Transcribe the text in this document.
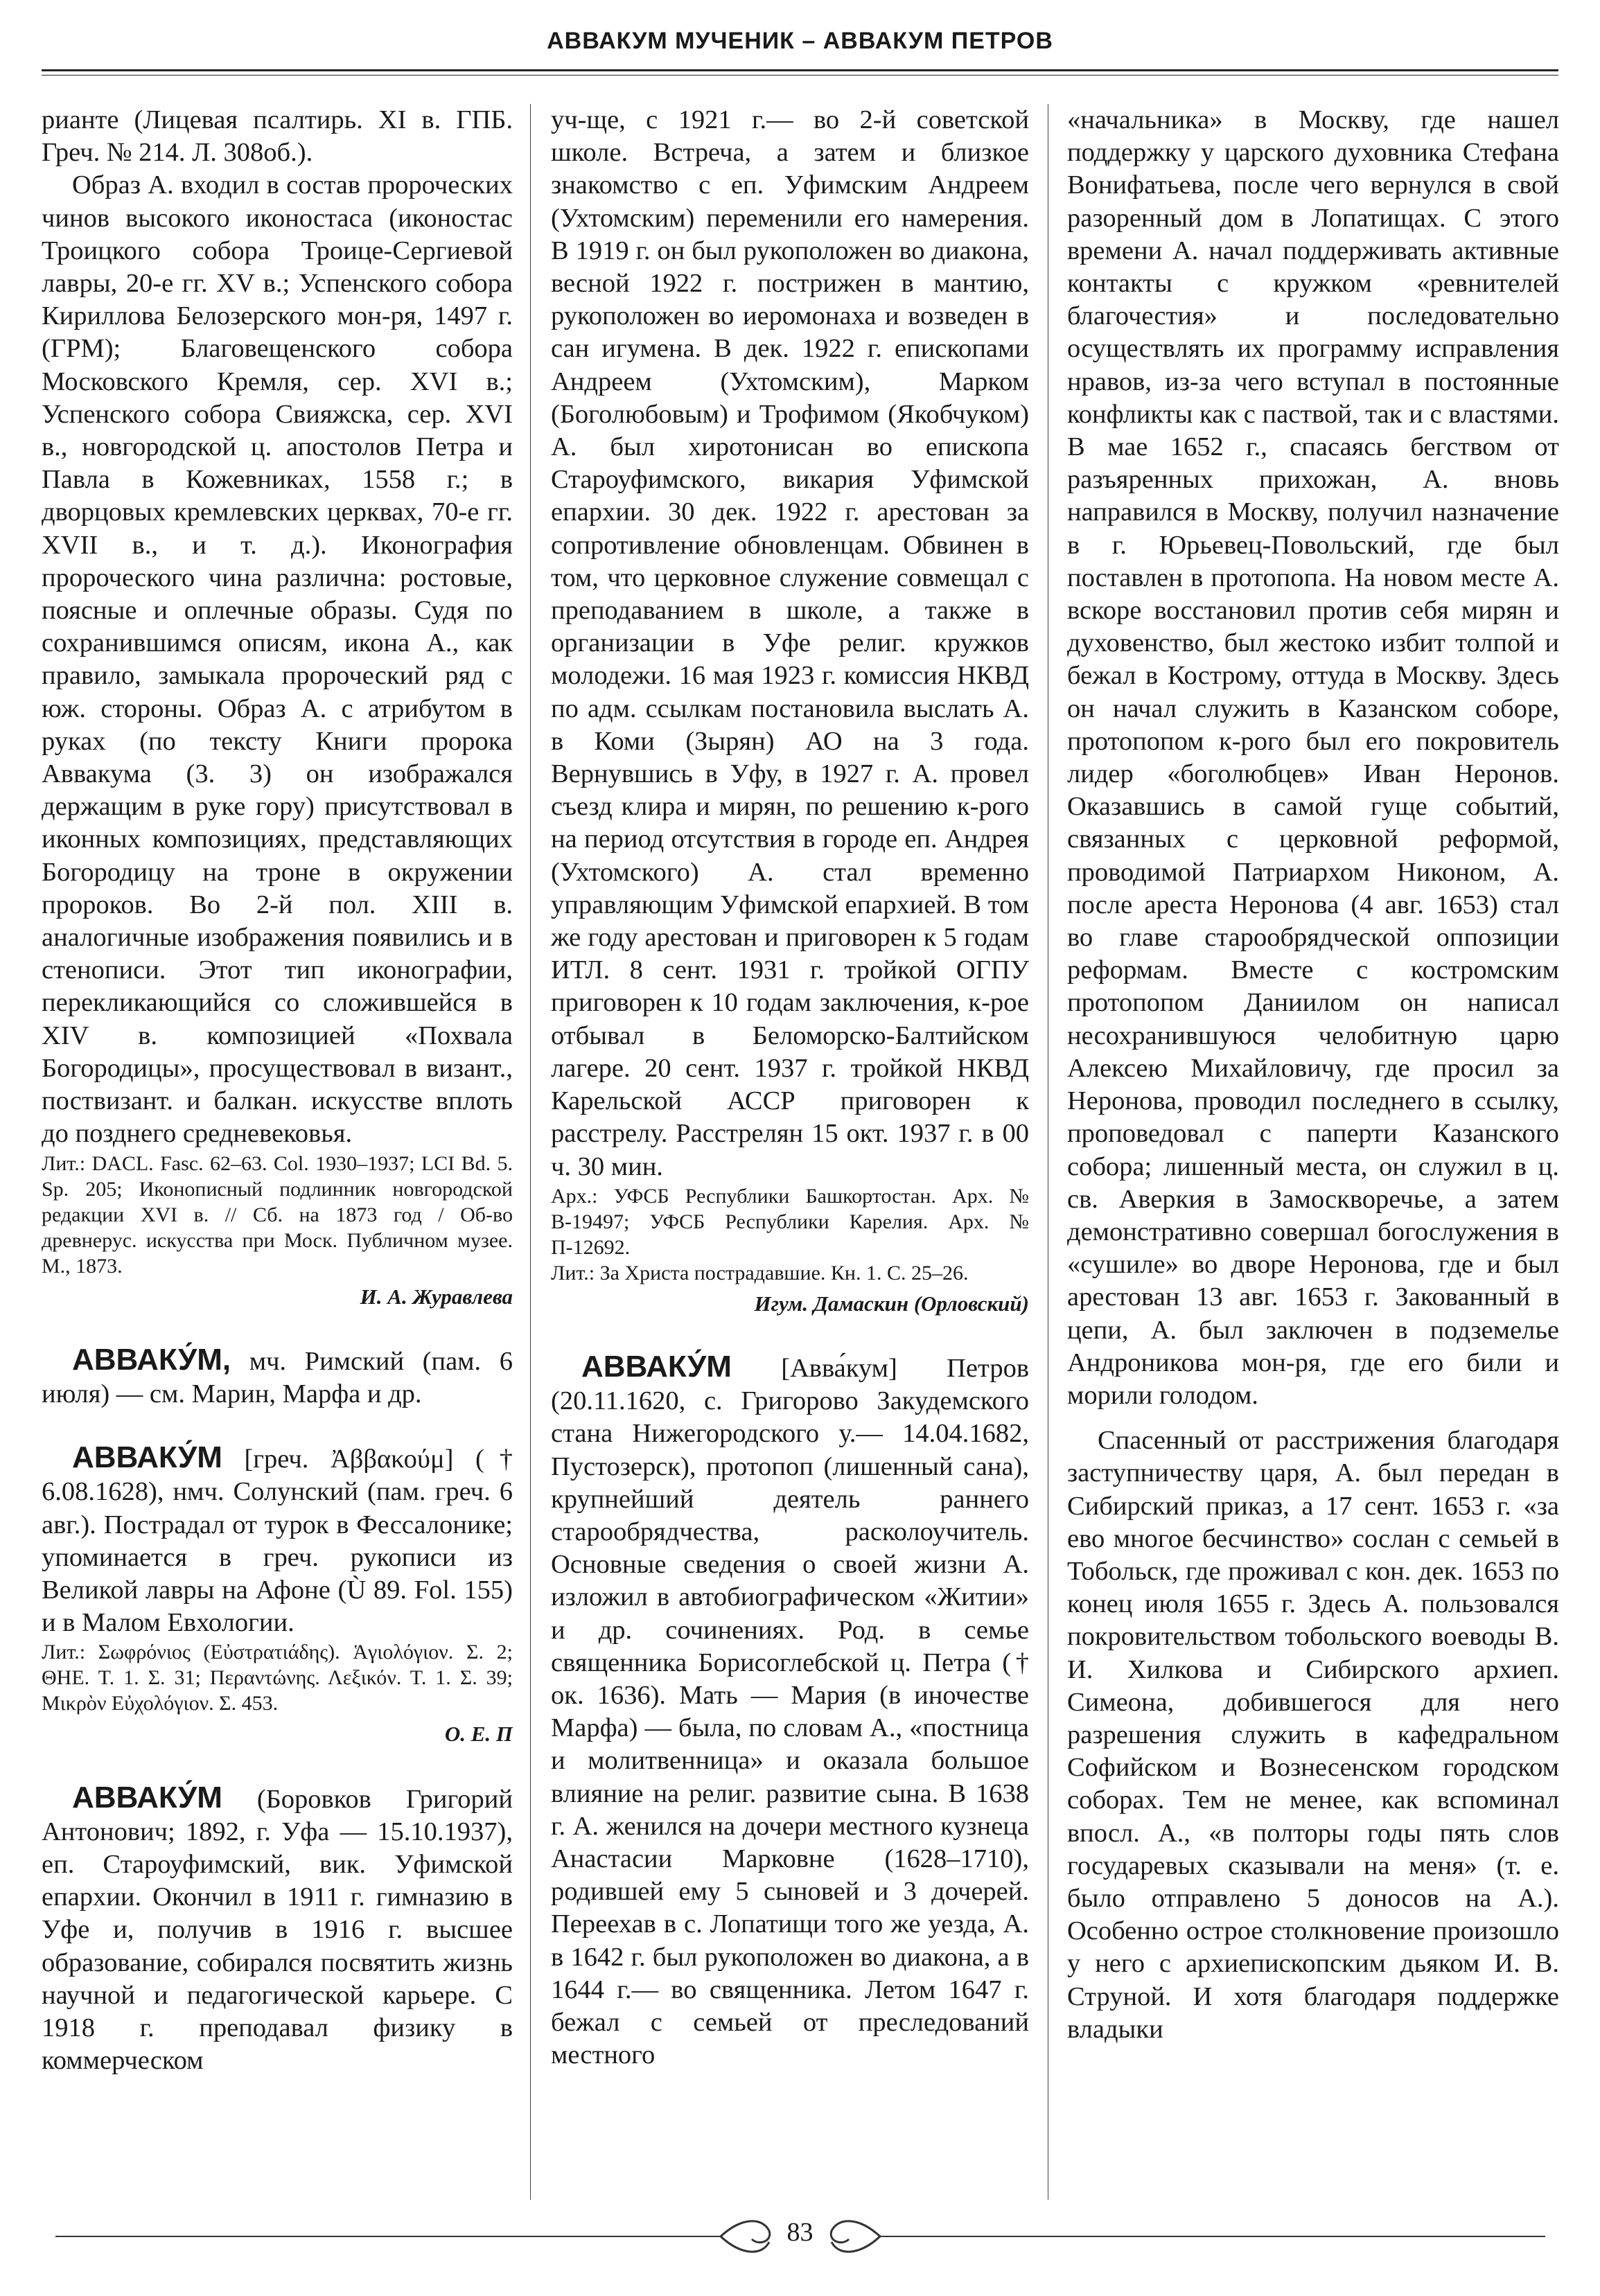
АВВАКУМ МУЧЕНИК – АВВАКУМ ПЕТРОВ

рианте (Лицевая псалтирь. XI в. ГПБ. Греч. № 214. Л. 308об.).

Образ А. входил в состав пророческих чинов высокого иконостаса (иконостас Троицкого собора Троице-Сергиевой лавры, 20-е гг. XV в.; Успенского собора Кириллова Белозерского мон-ря, 1497 г. (ГРМ); Благовещенского собора Московского Кремля, сер. XVI в.; Успенского собора Свияжска, сер. XVI в., новгородской ц. апостолов Петра и Павла в Кожевниках, 1558 г.; в дворцовых кремлевских церквах, 70-е гг. XVII в., и т. д.). Иконография пророческого чина различна: ростовые, поясные и оплечные образы. Судя по сохранившимся описям, икона А., как правило, замыкала пророческий ряд с юж. стороны. Образ А. с атрибутом в руках (по тексту Книги пророка Аввакума (3. 3) он изображался держащим в руке гору) присутствовал в иконных композициях, представляющих Богородицу на троне в окружении пророков. Во 2-й пол. XIII в. аналогичные изображения появились и в стенописи. Этот тип иконографии, перекликающийся со сложившейся в XIV в. композицией «Похвала Богородицы», просуществовал в визант., поствизант. и балкан. искусстве вплоть до позднего средневековья.

Лит.: DACL. Fasc. 62–63. Col. 1930–1937; LCI Bd. 5. Sp. 205; Иконописный подлинник новгородской редакции XVI в. // Сб. на 1873 год / Об-во древнерус. искусства при Моск. Публичном музее. М., 1873.

И. А. Журавлева

АВВАКУ́М, мч. Римский (пам. 6 июля) — см. Марин, Марфа и др.

АВВАКУ́М [греч. Ἀββακούμ] († 6.08.1628), нмч. Солунский (пам. греч. 6 авг.). Пострадал от турок в Фессалонике; упоминается в греч. рукописи из Великой лавры на Афоне (Ù 89. Fol. 155) и в Малом Евхологии.

Лит.: Σωφρόνιος (Εὐστρατιάδης). Ἁγιολόγιον. Σ. 2; ΘΗΕ. Τ. 1. Σ. 31; Περαντώνης. Λεξικόν. Τ. 1. Σ. 39; Μικρὸν Εὐχολόγιον. Σ. 453.

О. Е. П

АВВАКУ́М (Боровков Григорий Антонович; 1892, г. Уфа — 15.10.1937), еп. Староуфимский, вик. Уфимской епархии. Окончил в 1911 г. гимназию в Уфе и, получив в 1916 г. высшее образование, собирался посвятить жизнь научной и педагогической карьере. С 1918 г. преподавал физику в коммерческом

уч-ще, с 1921 г.— во 2-й советской школе. Встреча, а затем и близкое знакомство с еп. Уфимским Андреем (Ухтомским) переменили его намерения. В 1919 г. он был рукоположен во диакона, весной 1922 г. пострижен в мантию, рукоположен во иеромонаха и возведен в сан игумена. В дек. 1922 г. епископами Андреем (Ухтомским), Марком (Боголюбовым) и Трофимом (Якобчуком) А. был хиротонисан во епископа Староуфимского, викария Уфимской епархии. 30 дек. 1922 г. арестован за сопротивление обновленцам. Обвинен в том, что церковное служение совмещал с преподаванием в школе, а также в организации в Уфе религ. кружков молодежи. 16 мая 1923 г. комиссия НКВД по адм. ссылкам постановила выслать А. в Коми (Зырян) АО на 3 года. Вернувшись в Уфу, в 1927 г. А. провел съезд клира и мирян, по решению к-рого на период отсутствия в городе еп. Андрея (Ухтомского) А. стал временно управляющим Уфимской епархией. В том же году арестован и приговорен к 5 годам ИТЛ. 8 сент. 1931 г. тройкой ОГПУ приговорен к 10 годам заключения, к-рое отбывал в Беломорско-Балтийском лагере. 20 сент. 1937 г. тройкой НКВД Карельской АССР приговорен к расстрелу. Расстрелян 15 окт. 1937 г. в 00 ч. 30 мин.

Арх.: УФСБ Республики Башкортостан. Арх. № В-19497; УФСБ Республики Карелия. Арх. № П-12692.

Лит.: За Христа пострадавшие. Кн. 1. С. 25–26.

Игум. Дамаскин (Орловский)

АВВАКУ́М [Авва́кум] Петров (20.11.1620, с. Григорово Закудемского стана Нижегородского у.— 14.04.1682, Пустозерск), протопоп (лишенный сана), крупнейший деятель раннего старообрядчества, расколоучитель. Основные сведения о своей жизни А. изложил в автобиографическом «Житии» и др. сочинениях. Род. в семье священника Борисоглебской ц. Петра († ок. 1636). Мать — Мария (в иночестве Марфа) — была, по словам А., «постница и молитвенница» и оказала большое влияние на религ. развитие сына. В 1638 г. А. женился на дочери местного кузнеца Анастасии Марковне (1628–1710), родившей ему 5 сыновей и 3 дочерей. Переехав в с. Лопатищи того же уезда, А. в 1642 г. был рукоположен во диакона, а в 1644 г.— во священника. Летом 1647 г. бежал с семьей от преследований местного

«начальника» в Москву, где нашел поддержку у царского духовника Стефана Вонифатьева, после чего вернулся в свой разоренный дом в Лопатищах. С этого времени А. начал поддерживать активные контакты с кружком «ревнителей благочестия» и последовательно осуществлять их программу исправления нравов, из-за чего вступал в постоянные конфликты как с паствой, так и с властями. В мае 1652 г., спасаясь бегством от разъяренных прихожан, А. вновь направился в Москву, получил назначение в г. Юрьевец-Повольский, где был поставлен в протопопа. На новом месте А. вскоре восстановил против себя мирян и духовенство, был жестоко избит толпой и бежал в Кострому, оттуда в Москву. Здесь он начал служить в Казанском соборе, протопопом к-рого был его покровитель лидер «боголюбцев» Иван Неронов. Оказавшись в самой гуще событий, связанных с церковной реформой, проводимой Патриархом Никоном, А. после ареста Неронова (4 авг. 1653) стал во главе старообрядческой оппозиции реформам. Вместе с костромским протопопом Даниилом он написал несохранившуюся челобитную царю Алексею Михайловичу, где просил за Неронова, проводил последнего в ссылку, проповедовал с паперти Казанского собора; лишенный места, он служил в ц. св. Аверкия в Замоскворечье, а затем демонстративно совершал богослужения в «сушиле» во дворе Неронова, где и был арестован 13 авг. 1653 г. Закованный в цепи, А. был заключен в подземелье Андроникова мон-ря, где его били и морили голодом.

Спасенный от расстрижения благодаря заступничеству царя, А. был передан в Сибирский приказ, а 17 сент. 1653 г. «за ево многое бесчинство» сослан с семьей в Тобольск, где проживал с кон. дек. 1653 по конец июля 1655 г. Здесь А. пользовался покровительством тобольского воеводы В. И. Хилкова и Сибирского архиеп. Симеона, добившегося для него разрешения служить в кафедральном Софийском и Вознесенском городском соборах. Тем не менее, как вспоминал впосл. А., «в полторы годы пять слов государевых сказывали на меня» (т. е. было отправлено 5 доносов на А.). Особенно острое столкновение произошло у него с архиепископским дьяком И. В. Струной. И хотя благодаря поддержке владыки

83
